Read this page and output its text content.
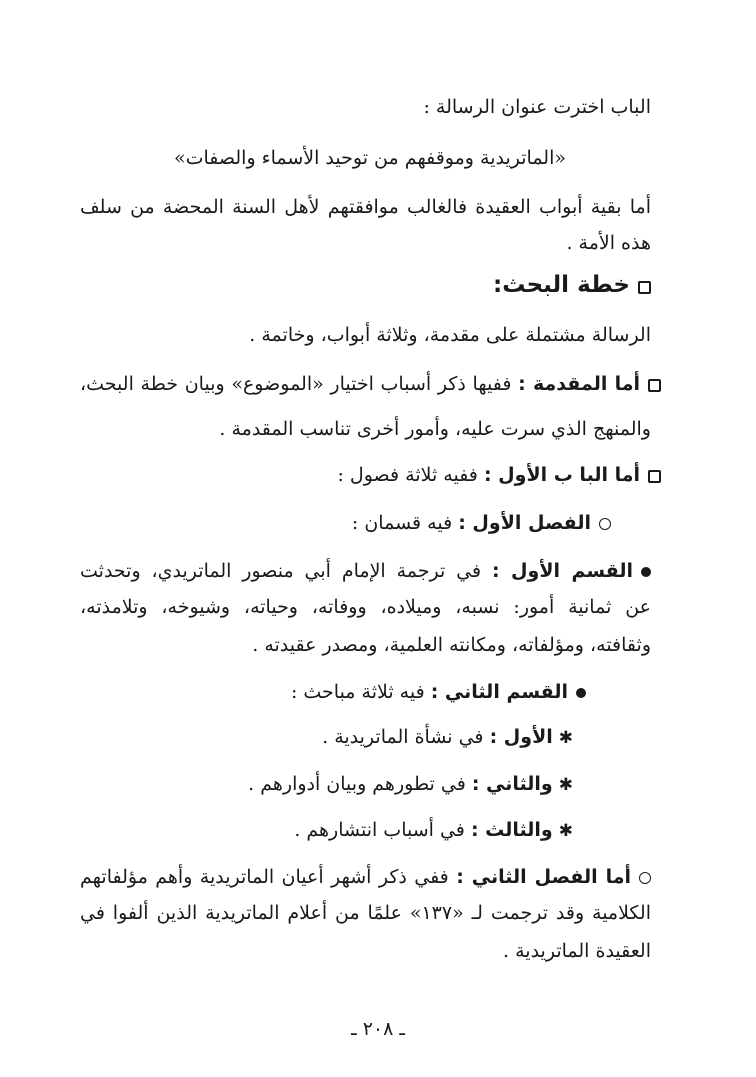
الباب اخترت عنوان الرسالة :
«الماتريدية وموقفهم من توحيد الأسماء والصفات»
أما بقية أبواب العقيدة فالغالب موافقتهم لأهل السنة المحضة من سلف
هذه الأمة .
خطة البحث:
الرسالة مشتملة على مقدمة، وثلاثة أبواب، وخاتمة .
أما المقدمة : ففيها ذكر أسباب اختيار «الموضوع» وبيان خطة البحث،
والمنهج الذي سرت عليه، وأمور أخرى تناسب المقدمة .
أما البا ب الأول : ففيه ثلاثة فصول :
الفصل الأول : فيه قسمان :
القسم الأول : في ترجمة الإمام أبي منصور الماتريدي، وتحدثت
عن ثمانية أمور: نسبه، وميلاده، ووفاته، وحياته، وشيوخه، وتلامذته،
وثقافته، ومؤلفاته، ومكانته العلمية، ومصدر عقيدته .
القسم الثاني : فيه ثلاثة مباحث :
✱الأول : في نشأة الماتريدية .
✱والثاني : في تطورهم وبيان أدوارهم .
✱والثالث : في أسباب انتشارهم .
أما الفصل الثاني : ففي ذكر أشهر أعيان الماتريدية وأهم مؤلفاتهم
الكلامية وقد ترجمت لـ «١٣٧» علمًا من أعلام الماتريدية الذين ألفوا في
العقيدة الماتريدية .
ـ ٢٠٨ ـ
